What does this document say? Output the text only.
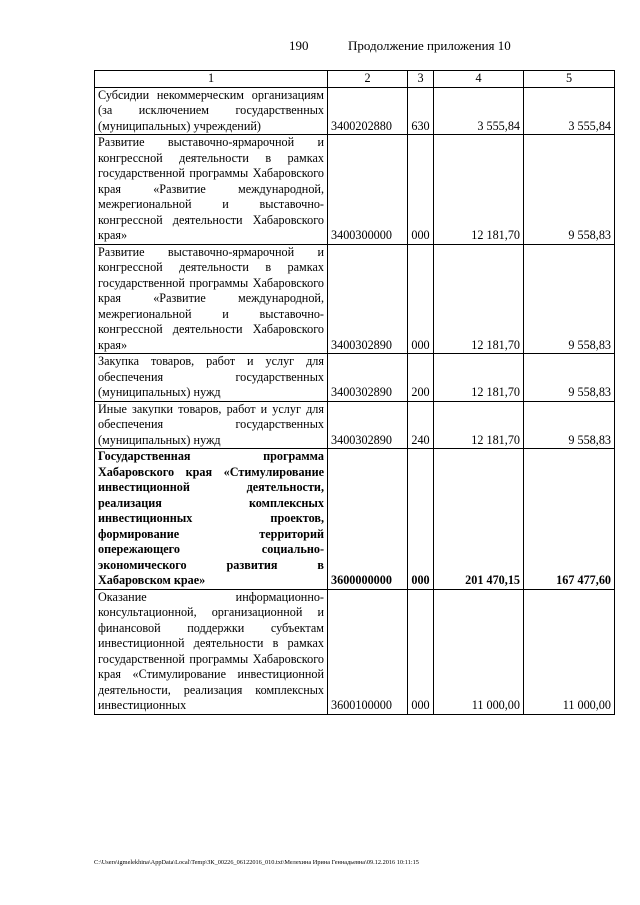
190	Продолжение приложения 10
1	2	3	4	5
Субсидии некоммерческим организациям (за исключением государственных (муниципальных) учреждений)	3400202880	630	3 555,84	3 555,84
Развитие выставочно-ярмарочной и конгрессной деятельности в рамках государственной программы Хабаровского края «Развитие международной, межрегиональной и выставочно-конгрессной деятельности Хабаровского края»	3400300000	000	12 181,70	9 558,83
Развитие выставочно-ярмарочной и конгрессной деятельности в рамках государственной программы Хабаровского края «Развитие международной, межрегиональной и выставочно-конгрессной деятельности Хабаровского края»	3400302890	000	12 181,70	9 558,83
Закупка товаров, работ и услуг для обеспечения государственных (муниципальных) нужд	3400302890	200	12 181,70	9 558,83
Иные закупки товаров, работ и услуг для обеспечения государственных (муниципальных) нужд	3400302890	240	12 181,70	9 558,83
Государственная программа Хабаровского края «Стимулирование инвестиционной деятельности, реализация комплексных инвестиционных проектов, формирование территорий опережающего социально-экономического развития в Хабаровском крае»	3600000000	000	201 470,15	167 477,60
Оказание информационно-консультационной, организационной и финансовой поддержки субъектам инвестиционной деятельности в рамках государственной программы Хабаровского края «Стимулирование инвестиционной деятельности, реализация комплексных инвестиционных	3600100000	000	11 000,00	11 000,00
C:\Users\igmelekhina\AppData\Local\Temp\ЗК_00226_06122016_010.txt\Мелехина Ирина Геннадьевна\09.12.2016 10:11:15
